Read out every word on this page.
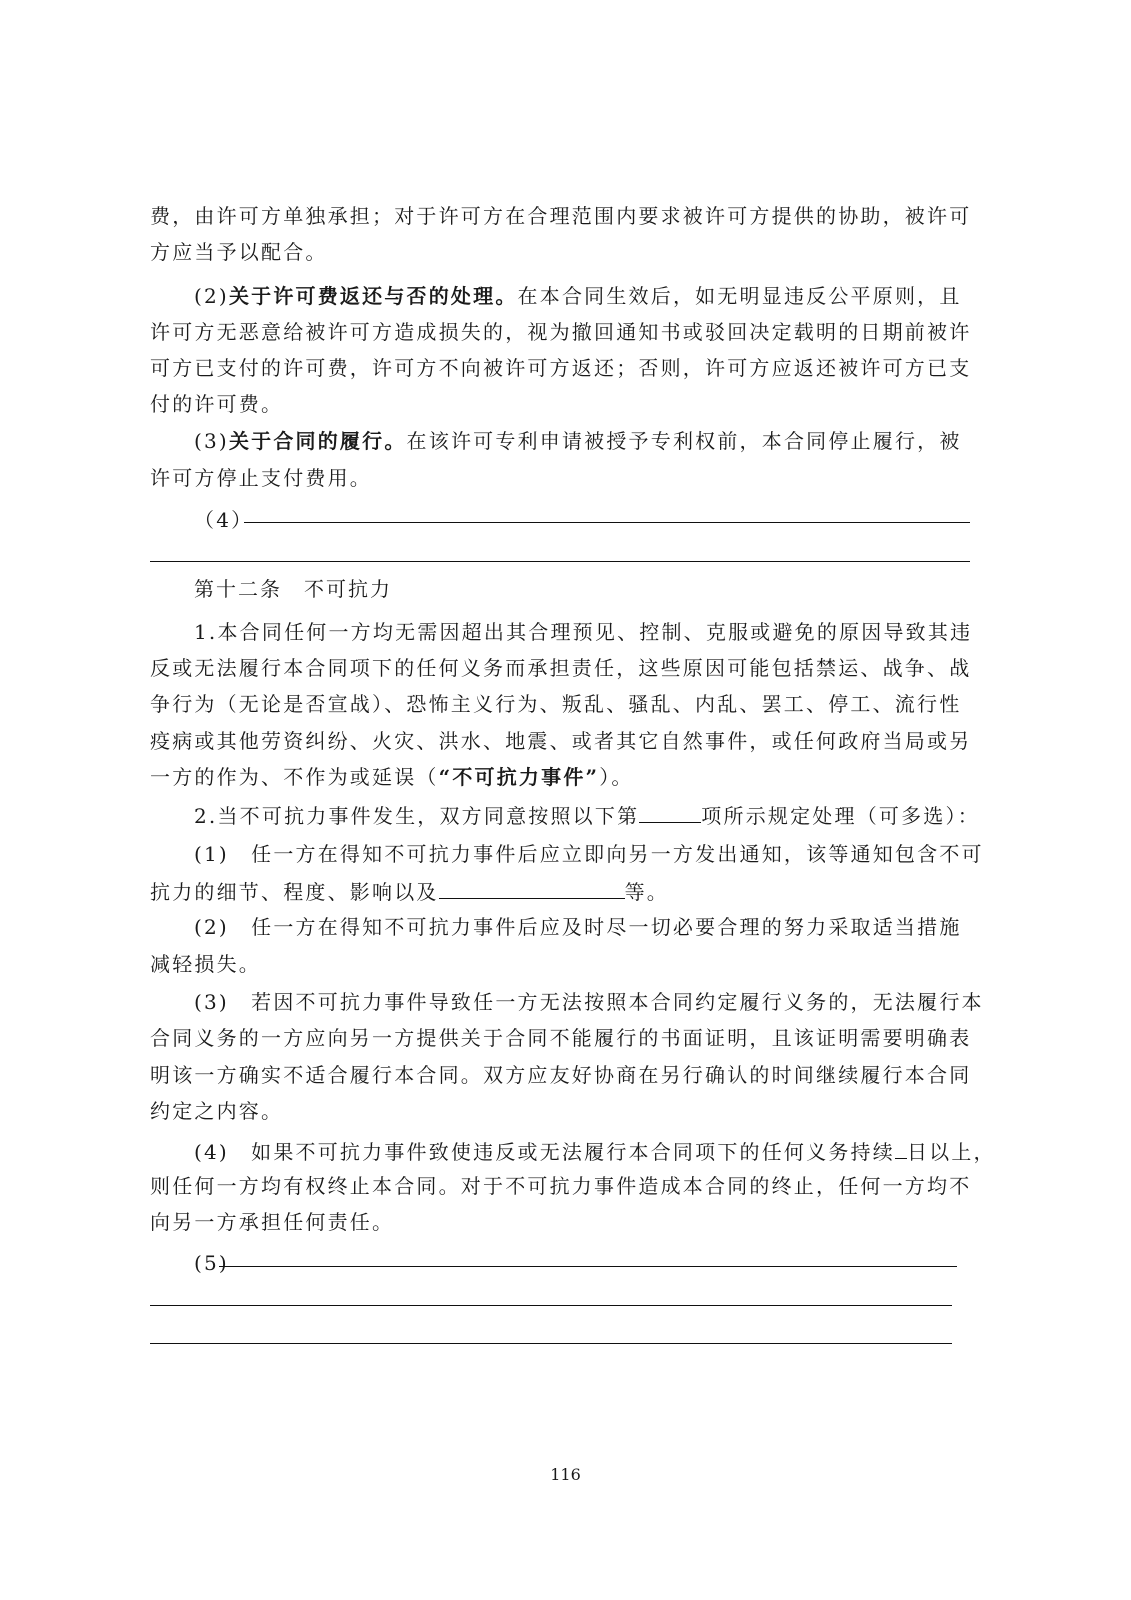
费，由许可方单独承担；对于许可方在合理范围内要求被许可方提供的协助，被许可
方应当予以配合。
(2)关于许可费返还与否的处理。在本合同生效后，如无明显违反公平原则，且
许可方无恶意给被许可方造成损失的，视为撤回通知书或驳回决定载明的日期前被许
可方已支付的许可费，许可方不向被许可方返还；否则，许可方应返还被许可方已支
付的许可费。
(3)关于合同的履行。在该许可专利申请被授予专利权前，本合同停止履行，被
许可方停止支付费用。
（4）
第十二条　不可抗力
1.本合同任何一方均无需因超出其合理预见、控制、克服或避免的原因导致其违
反或无法履行本合同项下的任何义务而承担责任，这些原因可能包括禁运、战争、战
争行为（无论是否宣战）、恐怖主义行为、叛乱、骚乱、内乱、罢工、停工、流行性
疫病或其他劳资纠纷、火灾、洪水、地震、或者其它自然事件，或任何政府当局或另
一方的作为、不作为或延误（“不可抗力事件”）。
2.当不可抗力事件发生，双方同意按照以下第	项所示规定处理（可多选）：
(1)　任一方在得知不可抗力事件后应立即向另一方发出通知，该等通知包含不可
抗力的细节、程度、影响以及	等。
(2)　任一方在得知不可抗力事件后应及时尽一切必要合理的努力采取适当措施
减轻损失。
(3)　若因不可抗力事件导致任一方无法按照本合同约定履行义务的，无法履行本
合同义务的一方应向另一方提供关于合同不能履行的书面证明，且该证明需要明确表
明该一方确实不适合履行本合同。双方应友好协商在另行确认的时间继续履行本合同
约定之内容。
(4)　如果不可抗力事件致使违反或无法履行本合同项下的任何义务持续 日以上，
则任何一方均有权终止本合同。对于不可抗力事件造成本合同的终止，任何一方均不
向另一方承担任何责任。
(5)
116
